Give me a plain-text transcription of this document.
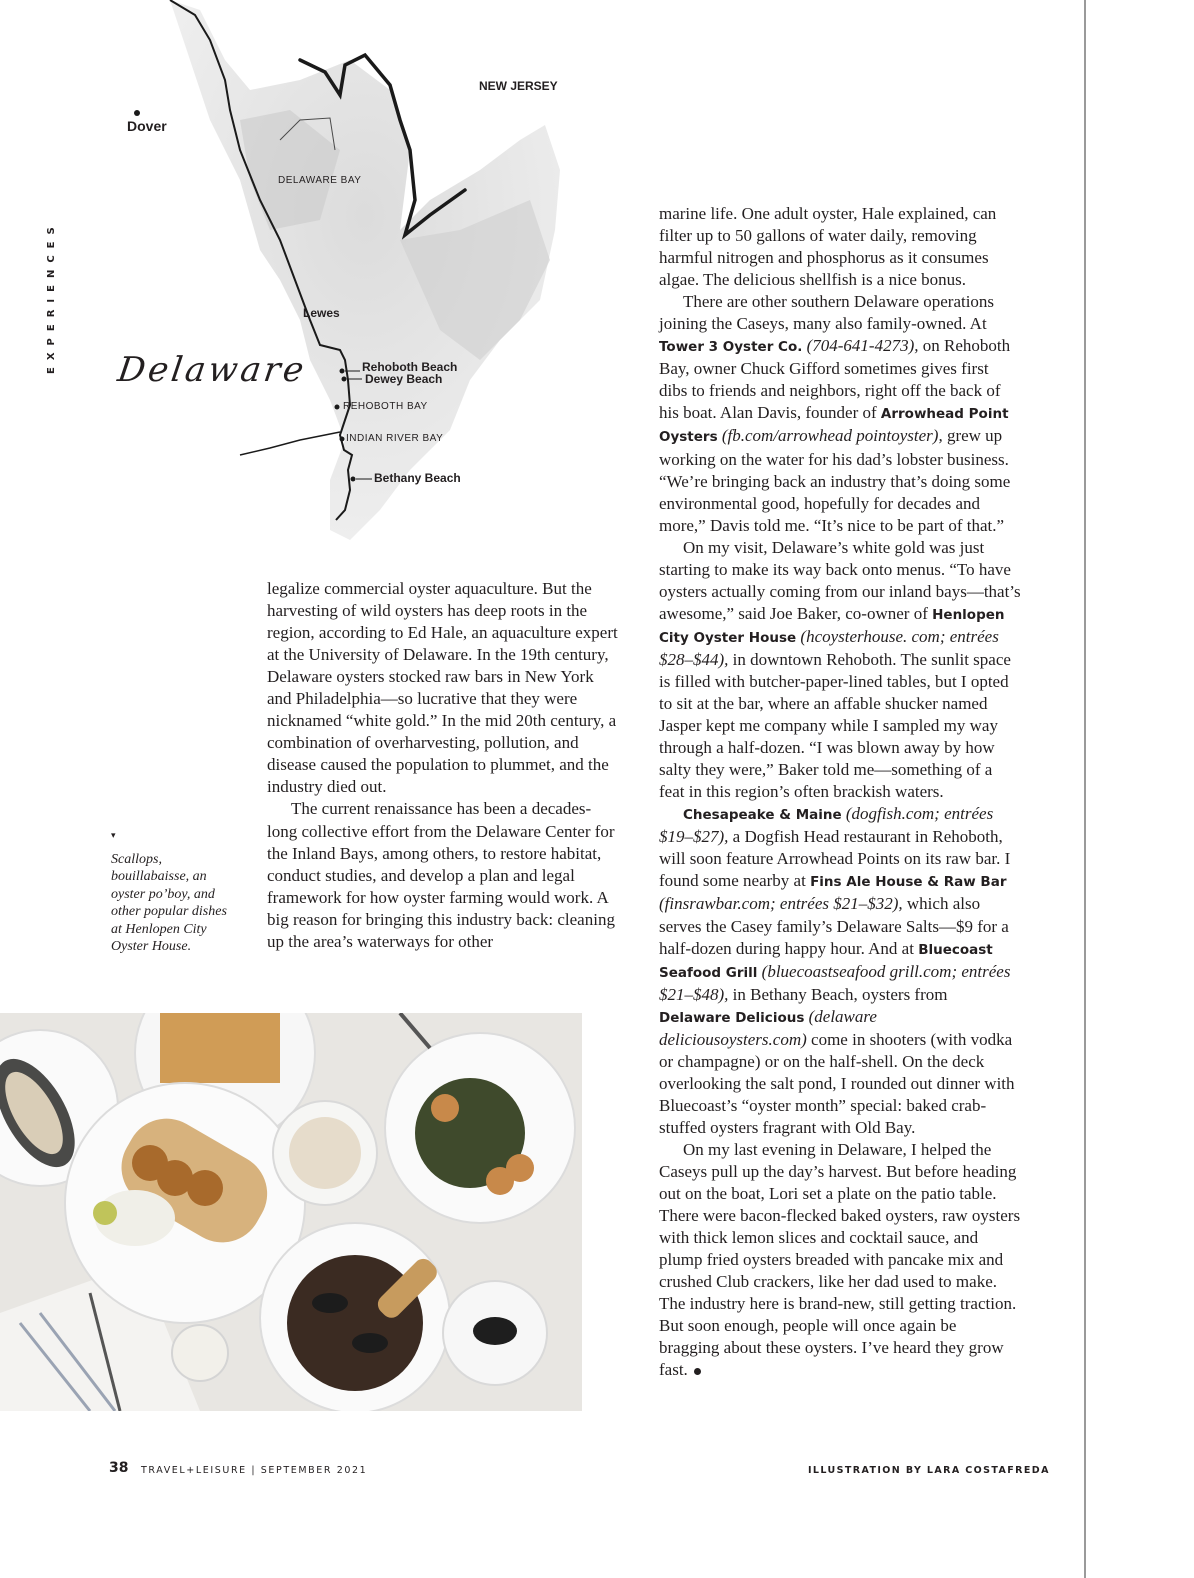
EXPERIENCES
Dover
NEW JERSEY
DELAWARE BAY
Lewes
Rehoboth Beach
Dewey Beach
REHOBOTH BAY
INDIAN RIVER BAY
Bethany Beach
Delaware

legalize commercial oyster aquaculture. But the harvesting of wild oysters has deep roots in the region, according to Ed Hale, an aquaculture expert at the University of Delaware. In the 19th century, Delaware oysters stocked raw bars in New York and Philadelphia—so lucrative that they were nicknamed “white gold.” In the mid 20th century, a combination of overharvesting, pollution, and disease caused the population to plummet, and the industry died out.

The current renaissance has been a decades-long collective effort from the Delaware Center for the Inland Bays, among others, to restore habitat, conduct studies, and develop a plan and legal framework for how oyster farming would work. A big reason for bringing this industry back: cleaning up the area’s waterways for other

▾
Scallops, bouillabaisse, an oyster po’boy, and other popular dishes at Henlopen City Oyster House.

marine life. One adult oyster, Hale explained, can filter up to 50 gallons of water daily, removing harmful nitrogen and phosphorus as it consumes algae. The delicious shellfish is a nice bonus.

There are other southern Delaware operations joining the Caseys, many also family-owned. At Tower 3 Oyster Co. (704-641-4273), on Rehoboth Bay, owner Chuck Gifford sometimes gives first dibs to friends and neighbors, right off the back of his boat. Alan Davis, founder of Arrowhead Point Oysters (fb.com/arrowhead pointoyster), grew up working on the water for his dad’s lobster business. “We’re bringing back an industry that’s doing some environmental good, hopefully for decades and more,” Davis told me. “It’s nice to be part of that.”

On my visit, Delaware’s white gold was just starting to make its way back onto menus. “To have oysters actually coming from our inland bays—that’s awesome,” said Joe Baker, co-owner of Henlopen City Oyster House (hcoysterhouse. com; entrées $28–$44), in downtown Rehoboth. The sunlit space is filled with butcher-paper-lined tables, but I opted to sit at the bar, where an affable shucker named Jasper kept me company while I sampled my way through a half-dozen. “I was blown away by how salty they were,” Baker told me—something of a feat in this region’s often brackish waters.

Chesapeake & Maine (dogfish.com; entrées $19–$27), a Dogfish Head restaurant in Rehoboth, will soon feature Arrowhead Points on its raw bar. I found some nearby at Fins Ale House & Raw Bar (finsrawbar.com; entrées $21–$32), which also serves the Casey family’s Delaware Salts—$9 for a half-dozen during happy hour. And at Bluecoast Seafood Grill (bluecoastseafood grill.com; entrées $21–$48), in Bethany Beach, oysters from Delaware Delicious (delaware deliciousoysters.com) come in shooters (with vodka or champagne) or on the half-shell. On the deck overlooking the salt pond, I rounded out dinner with Bluecoast’s “oyster month” special: baked crab-stuffed oysters fragrant with Old Bay.

On my last evening in Delaware, I helped the Caseys pull up the day’s harvest. But before heading out on the boat, Lori set a plate on the patio table. There were bacon-flecked baked oysters, raw oysters with thick lemon slices and cocktail sauce, and plump fried oysters breaded with pancake mix and crushed Club crackers, like her dad used to make. The industry here is brand-new, still getting traction. But soon enough, people will once again be bragging about these oysters. I’ve heard they grow fast.

38 TRAVEL+LEISURE | SEPTEMBER 2021	ILLUSTRATION BY LARA COSTAFREDA
